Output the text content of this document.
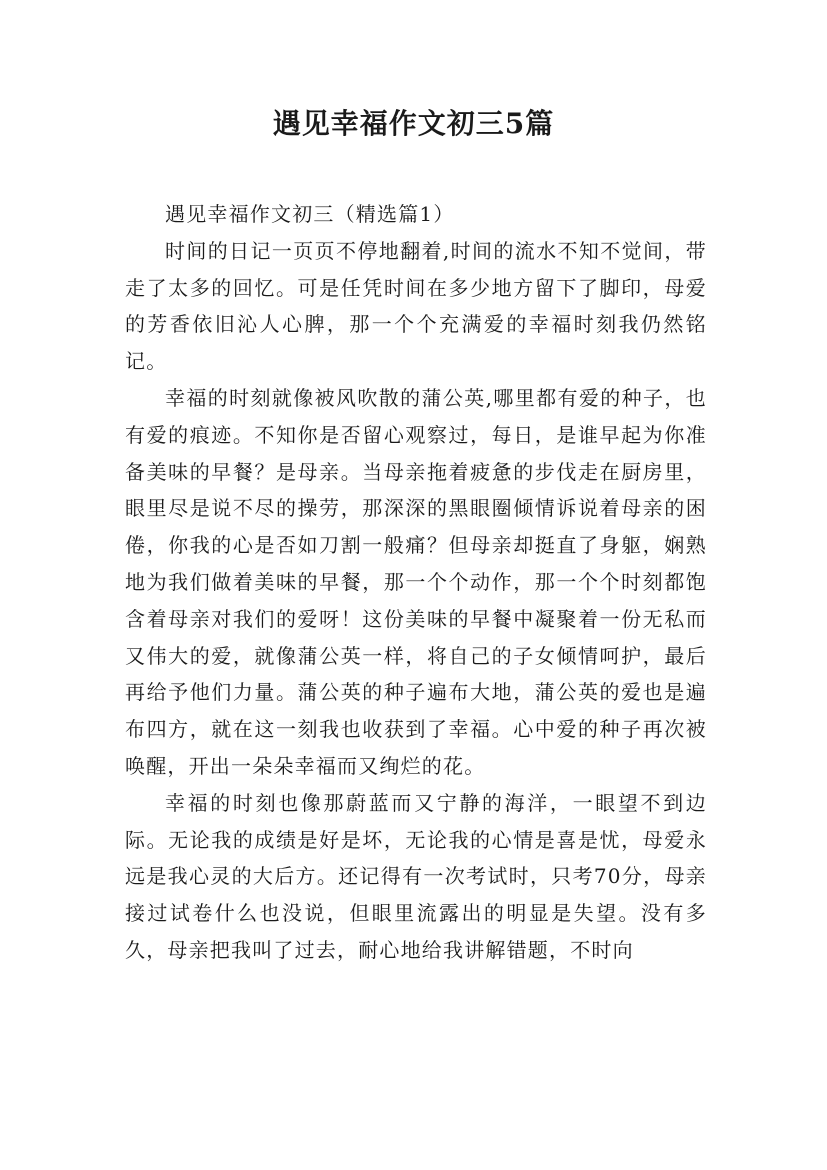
遇见幸福作文初三5篇

遇见幸福作文初三（精选篇1）

时间的日记一页页不停地翻着,时间的流水不知不觉间，带走了太多的回忆。可是任凭时间在多少地方留下了脚印，母爱的芳香依旧沁人心脾，那一个个充满爱的幸福时刻我仍然铭记。

幸福的时刻就像被风吹散的蒲公英,哪里都有爱的种子，也有爱的痕迹。不知你是否留心观察过，每日，是谁早起为你准备美味的早餐？是母亲。当母亲拖着疲惫的步伐走在厨房里，眼里尽是说不尽的操劳，那深深的黑眼圈倾情诉说着母亲的困倦，你我的心是否如刀割一般痛？但母亲却挺直了身躯，娴熟地为我们做着美味的早餐，那一个个动作，那一个个时刻都饱含着母亲对我们的爱呀！这份美味的早餐中凝聚着一份无私而又伟大的爱，就像蒲公英一样，将自己的子女倾情呵护，最后再给予他们力量。蒲公英的种子遍布大地，蒲公英的爱也是遍布四方，就在这一刻我也收获到了幸福。心中爱的种子再次被唤醒，开出一朵朵幸福而又绚烂的花。

幸福的时刻也像那蔚蓝而又宁静的海洋，一眼望不到边际。无论我的成绩是好是坏，无论我的心情是喜是忧，母爱永远是我心灵的大后方。还记得有一次考试时，只考70分，母亲接过试卷什么也没说，但眼里流露出的明显是失望。没有多久，母亲把我叫了过去，耐心地给我讲解错题，不时向
